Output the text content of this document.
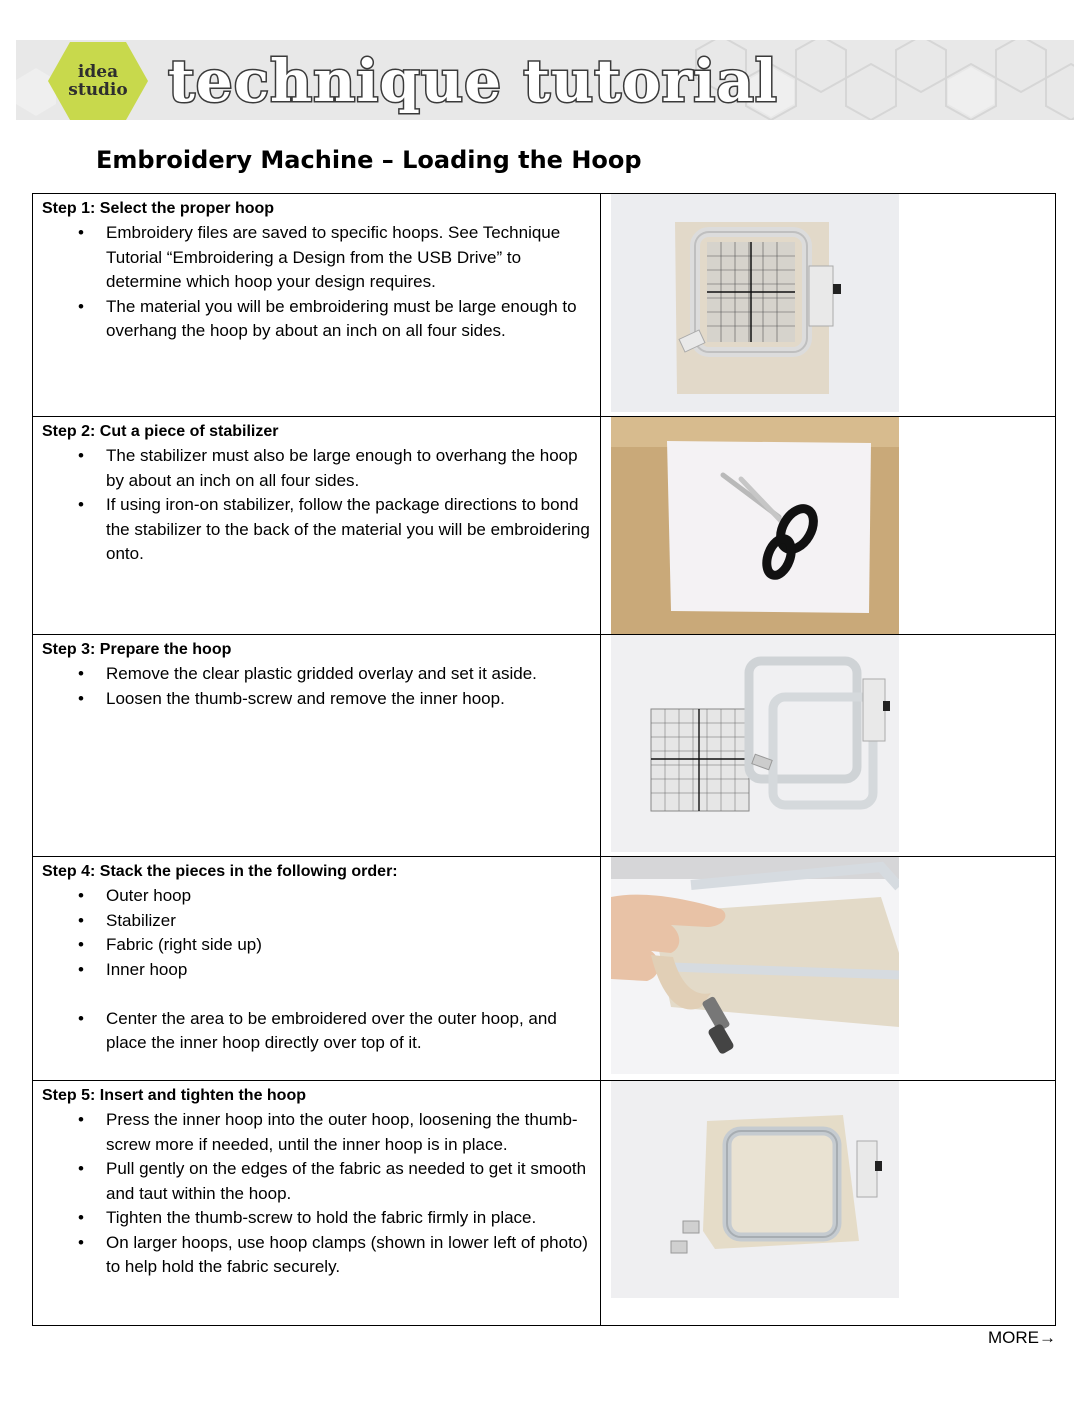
idea
studio technique tutorial
Embroidery Machine – Loading the Hoop

Step 1: Select the proper hoop

• Embroidery files are saved to specific hoops. See Technique Tutorial “Embroidering a Design from the USB Drive” to determine which hoop your design requires.
• The material you will be embroidering must be large enough to overhang the hoop by about an inch on all four sides.

Step 2: Cut a piece of stabilizer

• The stabilizer must also be large enough to overhang the hoop by about an inch on all four sides.
• If using iron-on stabilizer, follow the package directions to bond the stabilizer to the back of the material you will be embroidering onto.

Step 3: Prepare the hoop

• Remove the clear plastic gridded overlay and set it aside.
• Loosen the thumb-screw and remove the inner hoop.

Step 4: Stack the pieces in the following order:

• Outer hoop
• Stabilizer
• Fabric (right side up)
• Inner hoop
• Center the area to be embroidered over the outer hoop, and place the inner hoop directly over top of it.

Step 5: Insert and tighten the hoop

• Press the inner hoop into the outer hoop, loosening the thumb-screw more if needed, until the inner hoop is in place.
• Pull gently on the edges of the fabric as needed to get it smooth and taut within the hoop.
• Tighten the thumb-screw to hold the fabric firmly in place.
• On larger hoops, use hoop clamps (shown in lower left of photo) to help hold the fabric securely.
MORE→
